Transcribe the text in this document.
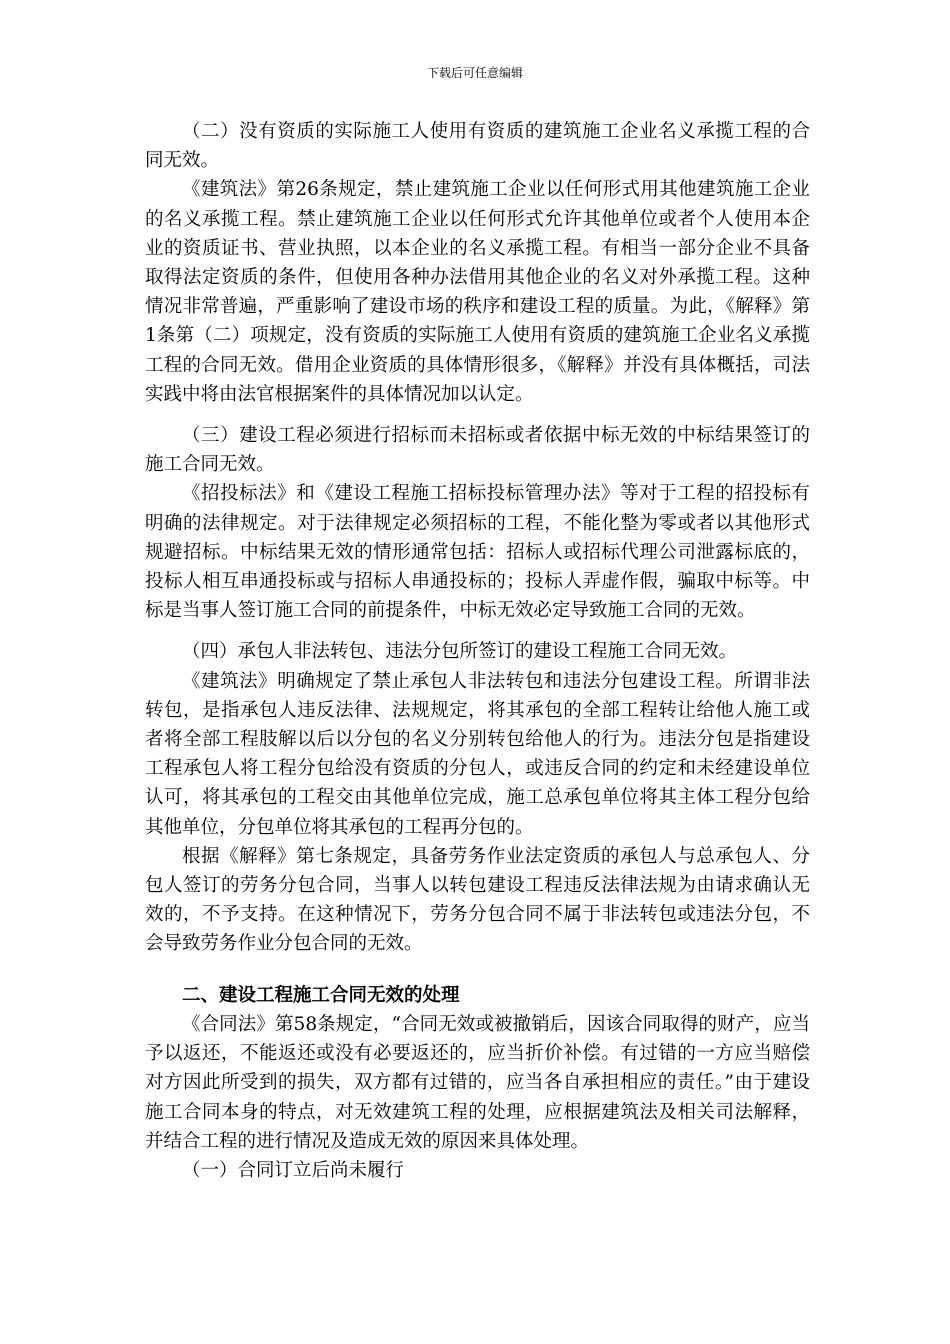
下载后可任意编辑

（二）没有资质的实际施工人使用有资质的建筑施工企业名义承揽工程的合同无效。

《建筑法》第26条规定，禁止建筑施工企业以任何形式用其他建筑施工企业的名义承揽工程。禁止建筑施工企业以任何形式允许其他单位或者个人使用本企业的资质证书、营业执照，以本企业的名义承揽工程。有相当一部分企业不具备取得法定资质的条件，但使用各种办法借用其他企业的名义对外承揽工程。这种情况非常普遍，严重影响了建设市场的秩序和建设工程的质量。为此，《解释》第1条第（二）项规定，没有资质的实际施工人使用有资质的建筑施工企业名义承揽工程的合同无效。借用企业资质的具体情形很多，《解释》并没有具体概括，司法实践中将由法官根据案件的具体情况加以认定。

（三）建设工程必须进行招标而未招标或者依据中标无效的中标结果签订的施工合同无效。

《招投标法》和《建设工程施工招标投标管理办法》等对于工程的招投标有明确的法律规定。对于法律规定必须招标的工程，不能化整为零或者以其他形式规避招标。中标结果无效的情形通常包括：招标人或招标代理公司泄露标底的，投标人相互串通投标或与招标人串通投标的；投标人弄虚作假，骗取中标等。中标是当事人签订施工合同的前提条件，中标无效必定导致施工合同的无效。

（四）承包人非法转包、违法分包所签订的建设工程施工合同无效。

《建筑法》明确规定了禁止承包人非法转包和违法分包建设工程。所谓非法转包，是指承包人违反法律、法规规定，将其承包的全部工程转让给他人施工或者将全部工程肢解以后以分包的名义分别转包给他人的行为。违法分包是指建设工程承包人将工程分包给没有资质的分包人，或违反合同的约定和未经建设单位认可，将其承包的工程交由其他单位完成，施工总承包单位将其主体工程分包给其他单位，分包单位将其承包的工程再分包的。

根据《解释》第七条规定，具备劳务作业法定资质的承包人与总承包人、分包人签订的劳务分包合同，当事人以转包建设工程违反法律法规为由请求确认无效的，不予支持。在这种情况下，劳务分包合同不属于非法转包或违法分包，不会导致劳务作业分包合同的无效。

二、建设工程施工合同无效的处理

《合同法》第58条规定，“合同无效或被撤销后，因该合同取得的财产，应当予以返还，不能返还或没有必要返还的，应当折价补偿。有过错的一方应当赔偿对方因此所受到的损失，双方都有过错的，应当各自承担相应的责任。”由于建设施工合同本身的特点，对无效建筑工程的处理，应根据建筑法及相关司法解释，并结合工程的进行情况及造成无效的原因来具体处理。

（一）合同订立后尚未履行
